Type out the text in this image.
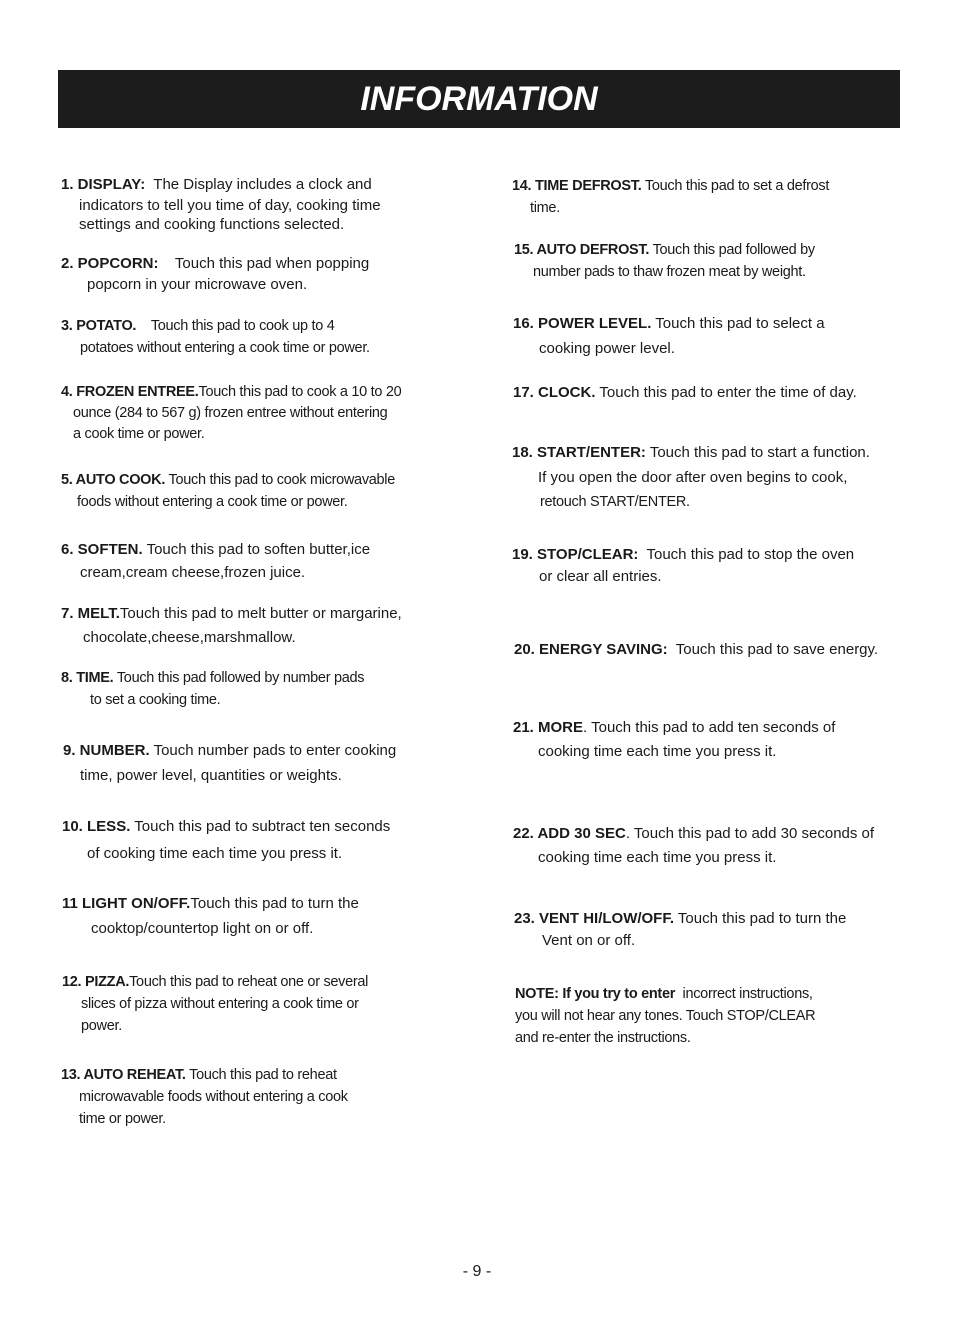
INFORMATION
1. DISPLAY: The Display includes a clock and
indicators to tell you time of day, cooking time
settings and cooking functions selected.
2. POPCORN: Touch this pad when popping
popcorn in your microwave oven.
3. POTATO. Touch this pad to cook up to 4
potatoes without entering a cook time or power.
4. FROZEN ENTREE.Touch this pad to cook a 10 to 20
ounce (284 to 567 g) frozen entree without entering
a cook time or power.
5. AUTO COOK. Touch this pad to cook microwavable
foods without entering a cook time or power.
6. SOFTEN. Touch this pad to soften butter,ice
cream,cream cheese,frozen juice.
7. MELT.Touch this pad to melt butter or margarine,
chocolate,cheese,marshmallow.
8. TIME. Touch this pad followed by number pads
to set a cooking time.
9. NUMBER. Touch number pads to enter cooking
time, power level, quantities or weights.
10. LESS. Touch this pad to subtract ten seconds
of cooking time each time you press it.
11 LIGHT ON/OFF.Touch this pad to turn the
cooktop/countertop light on or off.
12. PIZZA.Touch this pad to reheat one or several
slices of pizza without entering a cook time or
power.
13. AUTO REHEAT. Touch this pad to reheat
microwavable foods without entering a cook
time or power.
14. TIME DEFROST. Touch this pad to set a defrost
time.
15. AUTO DEFROST. Touch this pad followed by
number pads to thaw frozen meat by weight.
16. POWER LEVEL. Touch this pad to select a
cooking power level.
17. CLOCK. Touch this pad to enter the time of day.
18. START/ENTER: Touch this pad to start a function.
If you open the door after oven begins to cook,
retouch START/ENTER.
19. STOP/CLEAR: Touch this pad to stop the oven
or clear all entries.
20. ENERGY SAVING: Touch this pad to save energy.
21. MORE. Touch this pad to add ten seconds of
cooking time each time you press it.
22. ADD 30 SEC. Touch this pad to add 30 seconds of
cooking time each time you press it.
23. VENT HI/LOW/OFF. Touch this pad to turn the
Vent on or off.
NOTE: If you try to enter incorrect instructions,
you will not hear any tones. Touch STOP/CLEAR
and re-enter the instructions.
- 9 -
